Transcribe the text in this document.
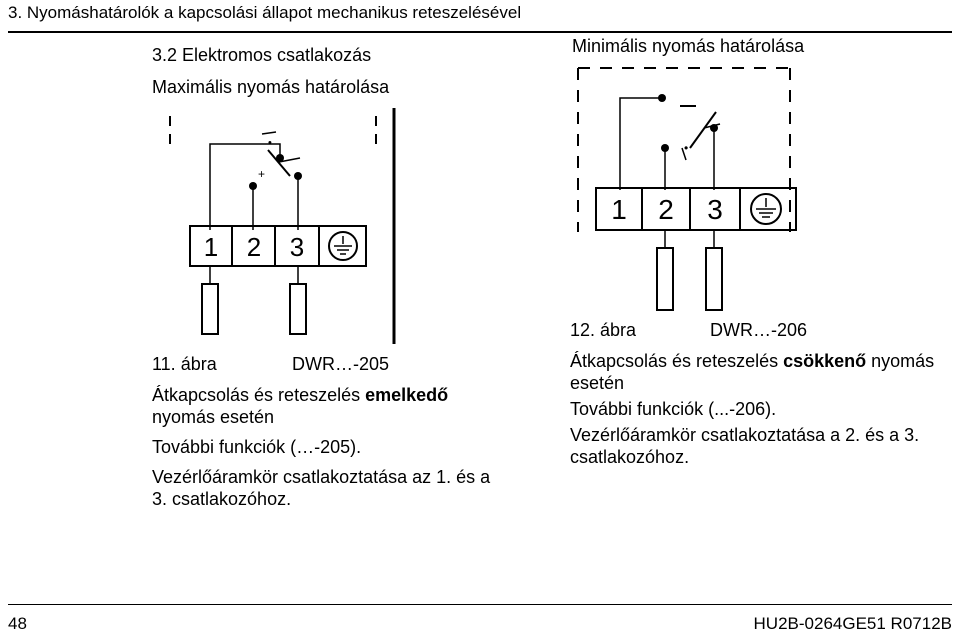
3. Nyomáshatárolók a kapcsolási állapot mechanikus reteszelésével
3.2 Elektromos csatlakozás
Maximális nyomás határolása
Minimális nyomás határolása
•
+
1 2 3
•
1 2 3
11. ábra	DWR…-205

Átkapcsolás és reteszelés emelkedő nyomás esetén

További funkciók (…-205).

Vezérlőáramkör csatlakoztatása az 1. és a 3. csatlakozóhoz.

12. ábra	DWR…-206

Átkapcsolás és reteszelés csökkenő nyomás esetén

További funkciók (...-206).

Vezérlőáramkör csatlakoztatása a 2. és a 3. csatlakozóhoz.

48	HU2B-0264GE51 R0712B
